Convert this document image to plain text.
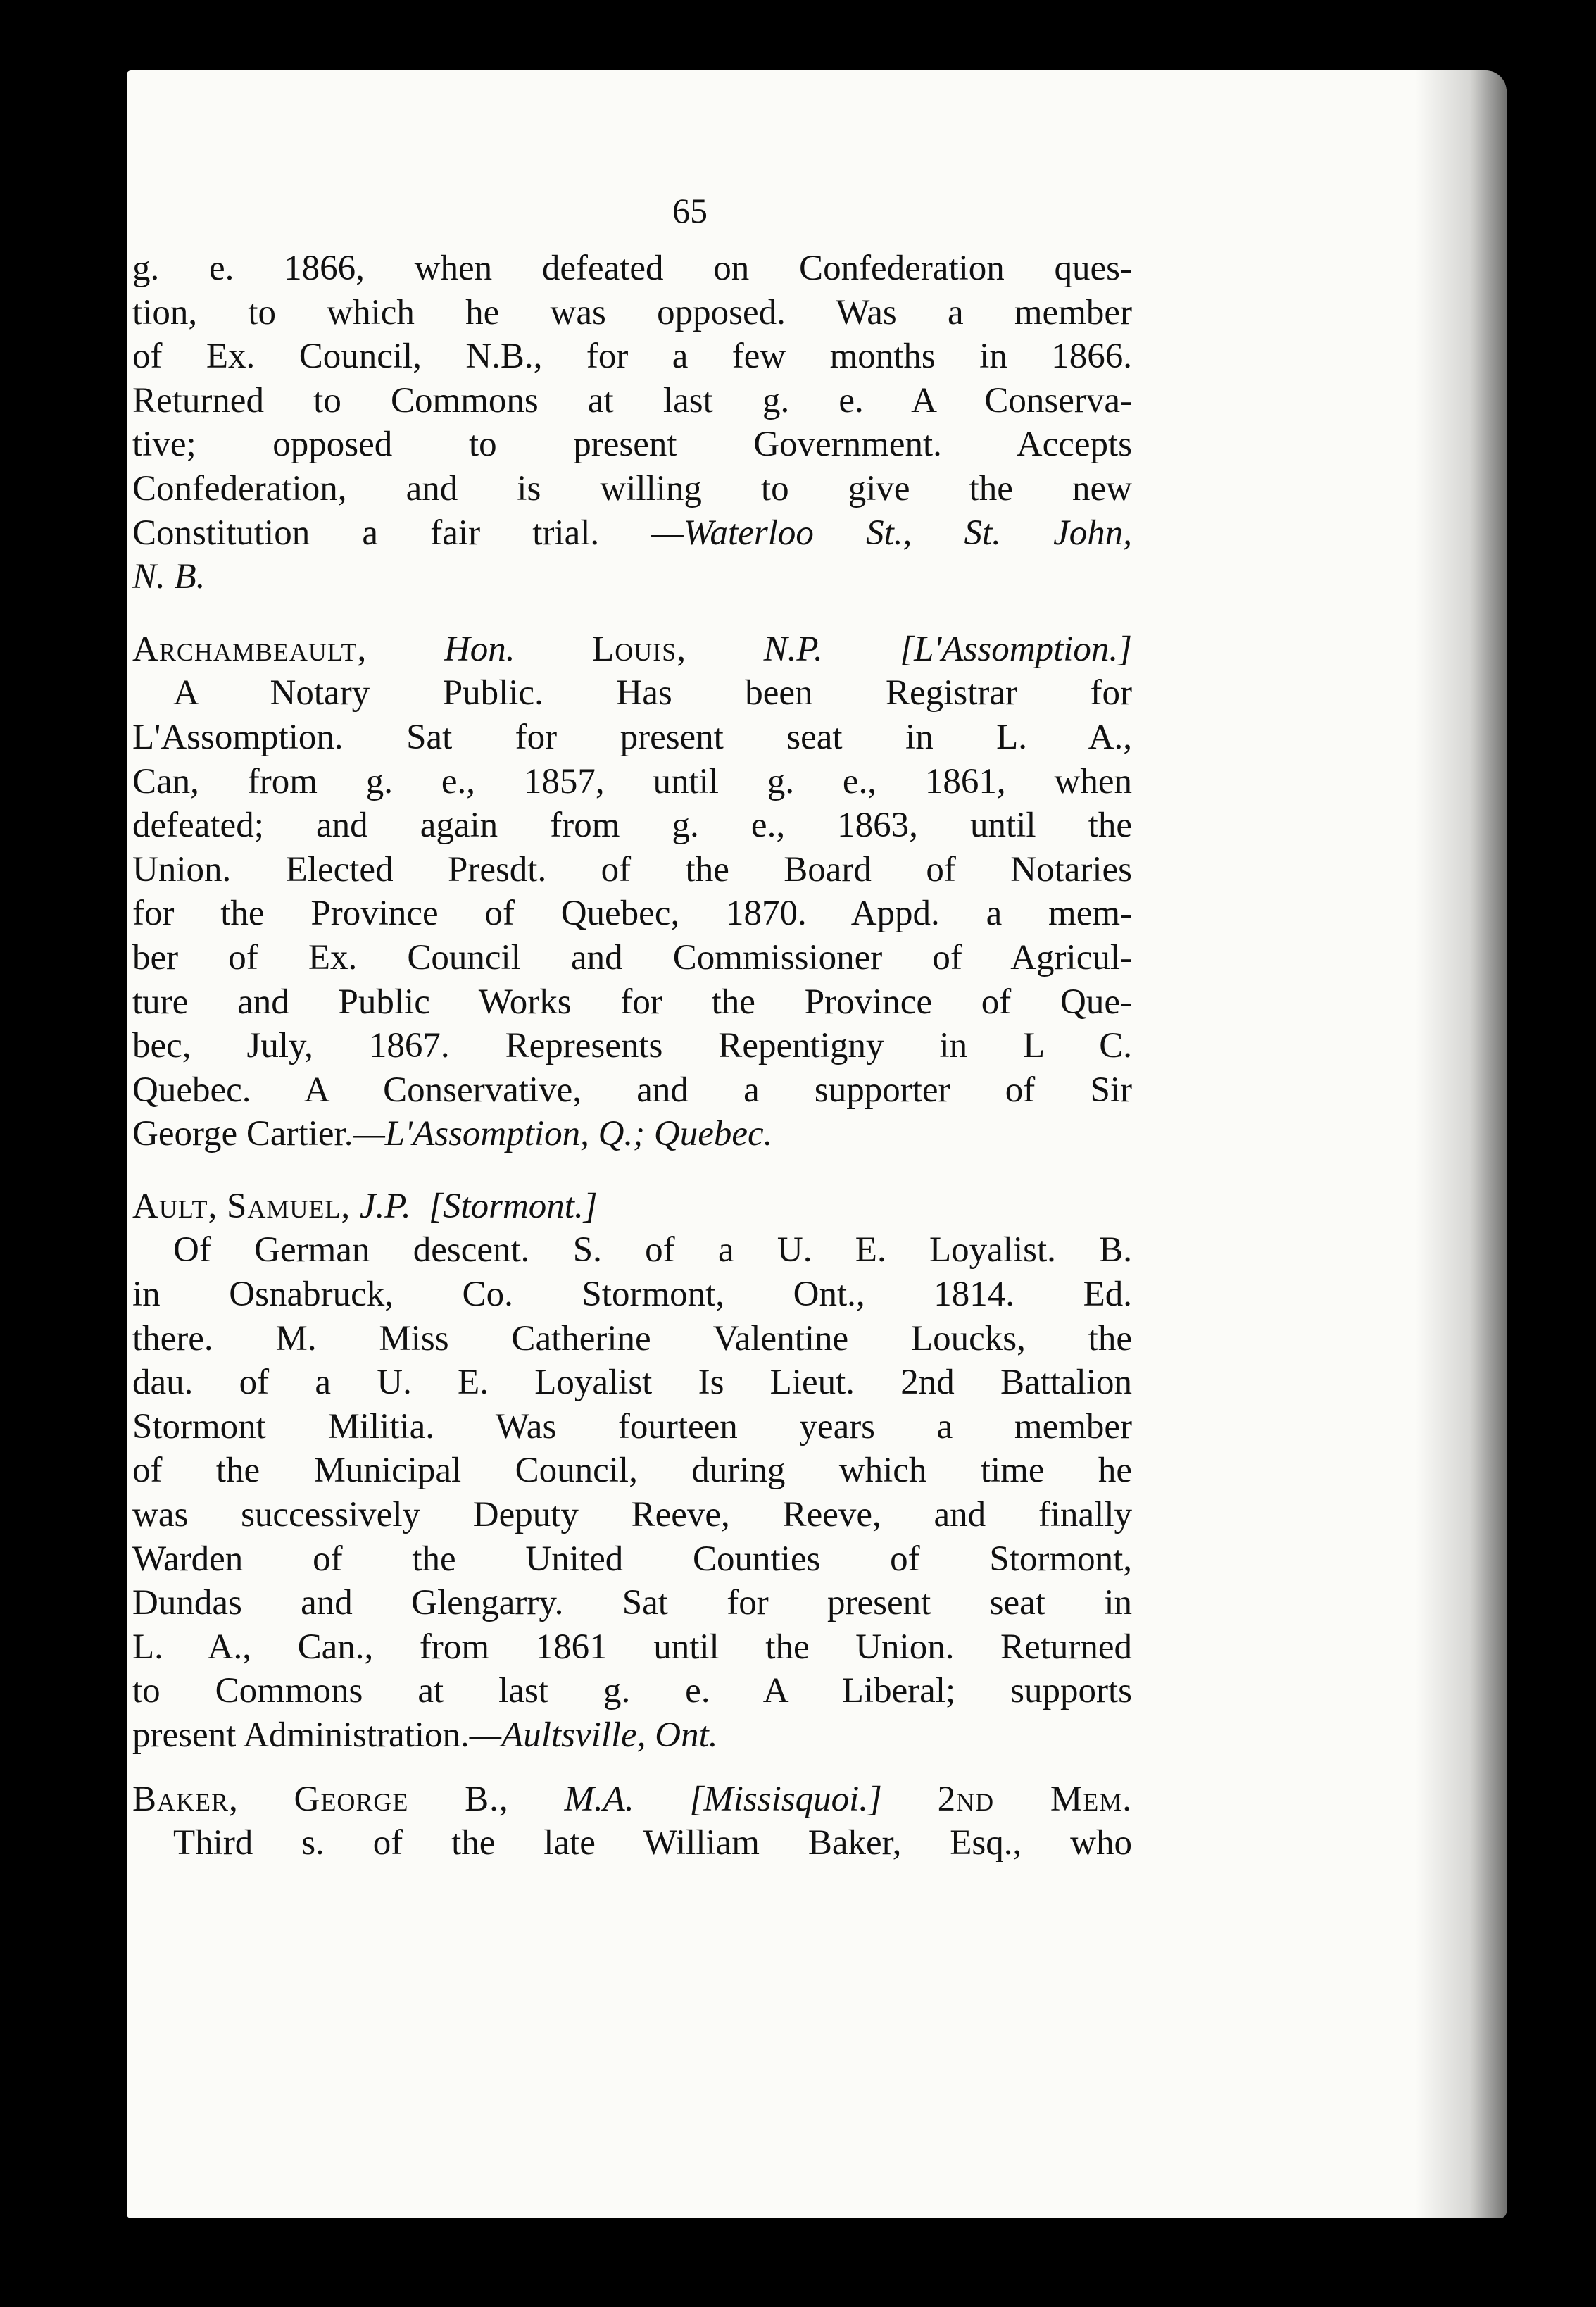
65
g. e. 1866, when defeated on Confederation ques-
tion, to which he was opposed. Was a member
of Ex. Council, N.B., for a few months in 1866.
Returned to Commons at last g. e. A Conserva-
tive; opposed to present Government. Accepts
Confederation, and is willing to give the new
Constitution a fair trial. —Waterloo St., St. John,
N. B.
Archambeault, Hon. Louis, N.P. [L'Assomption.]
A Notary Public. Has been Registrar for
L'Assomption. Sat for present seat in L. A.,
Can, from g. e., 1857, until g. e., 1861, when
defeated; and again from g. e., 1863, until the
Union. Elected Presdt. of the Board of Notaries
for the Province of Quebec, 1870. Appd. a mem-
ber of Ex. Council and Commissioner of Agricul-
ture and Public Works for the Province of Que-
bec, July, 1867. Represents Repentigny in L C.
Quebec. A Conservative, and a supporter of Sir
George Cartier.—L'Assomption, Q.; Quebec.
Ault, Samuel, J.P. [Stormont.]
Of German descent. S. of a U. E. Loyalist. B.
in Osnabruck, Co. Stormont, Ont., 1814. Ed.
there. M. Miss Catherine Valentine Loucks, the
dau. of a U. E. Loyalist Is Lieut. 2nd Battalion
Stormont Militia. Was fourteen years a member
of the Municipal Council, during which time he
was successively Deputy Reeve, Reeve, and finally
Warden of the United Counties of Stormont,
Dundas and Glengarry. Sat for present seat in
L. A., Can., from 1861 until the Union. Returned
to Commons at last g. e. A Liberal; supports
present Administration.—Aultsville, Ont.
Baker, George B., M.A. [Missisquoi.] 2nd Mem.
Third s. of the late William Baker, Esq., who
